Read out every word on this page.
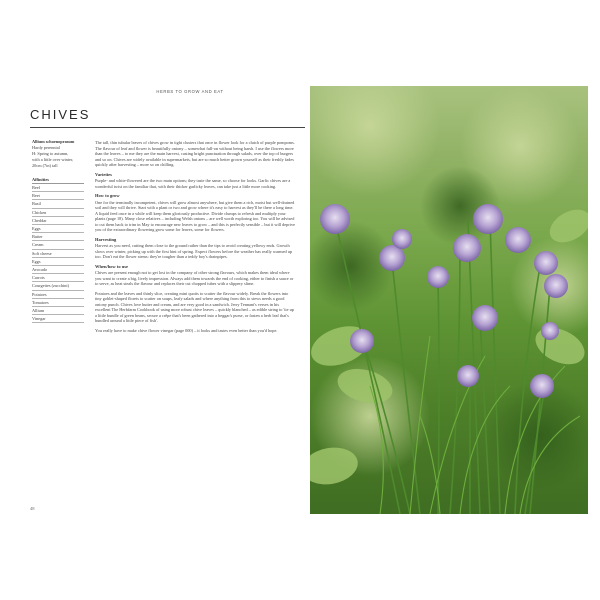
HERBS TO GROW AND EAT
CHIVES
Allium schoenoprasum
Hardy perennial
H: Spring to autumn,
with a little over winter,
20cm (7in) tall
Affinities
Beef
Beet
Basil
Chicken
Cheddar
Eggs
Butter
Cream
Soft cheese
Eggs
Avocado
Carrots
Courgettes (zucchini)
Potatoes
Tomatoes
Allium
Vinegar

The tall, thin tubular leaves of chives grow in tight clusters that once in flower look for a clutch of purple pompoms. The flavour of leaf and flower is beautifully oniony – somewhat full-on without being harsh. I use the flowers more than the leaves – to me they are the main harvest, casting bright punctuation through salads, over the top of burgers and so on. Chives are widely available in supermarkets, but are so much better grown yourself as their freshly fades quickly after harvesting – more so on chilling.

Varieties

Purple- and white-flowered are the two main options; they taste the same, so choose for looks. Garlic chives are a wonderful twist on the familiar that, with their thicker garlicky leaves, can take just a little more cooking.

How to grow

One for the terminally incompetent, chives will grow almost anywhere, but give them a rich, moist but well-drained soil and they will thrive. Start with a plant or two and grow where it's easy to harvest as they'll be there a long time. A liquid feed once in a while will keep them gloriously productive. Divide clumps to refresh and multiply your plants (page 18). Many close relatives – including Welsh onions – are well worth exploring too. You will be advised to cut them back to trim in May to encourage new leaves to grow – and this is perfectly sensible – but it will deprive you of the extraordinary flowering grow some for leaves, some for flowers.

Harvesting

Harvest as you need, cutting them close to the ground rather than the tips to avoid creating yellowy ends. Growth slows over winter, picking up with the first hint of spring. Expect flowers before the weather has really warmed up too. Don't eat the flower stems: they're tougher than a teddy boy's drainpipes.

When/how to use

Chives are present enough not to get lost in the company of other strong flavours, which makes them ideal where you want to create a big, lively impression. Always add them towards the end of cooking, either to finish a sauce or to serve, as heat steals the flavour and replaces their cut chopped tubes with a slippery slime.

Potatoes and the leaves and thinly slice, creating mini quoits to scatter the flavour widely. Break the flowers into tiny goblet-shaped florets to scatter on soups, leafy salads and where anything from this to stews needs a good oniony punch. Chives love butter and cream, and are very good in a sandwich. Jerry Tennant's verses in his excellent The Herbfarm Cookbook of using more robust chive leaves – quickly blanched – as edible string to 'tie up a little bundle of green beans, secure a crêpe that's been gathered into a beggar's purse, or fasten a herb leaf that's bundled around a little piece of fish'.

You really have to make chive flower vinegar (page 000) – it looks and tastes even better than you'd hope.

48
